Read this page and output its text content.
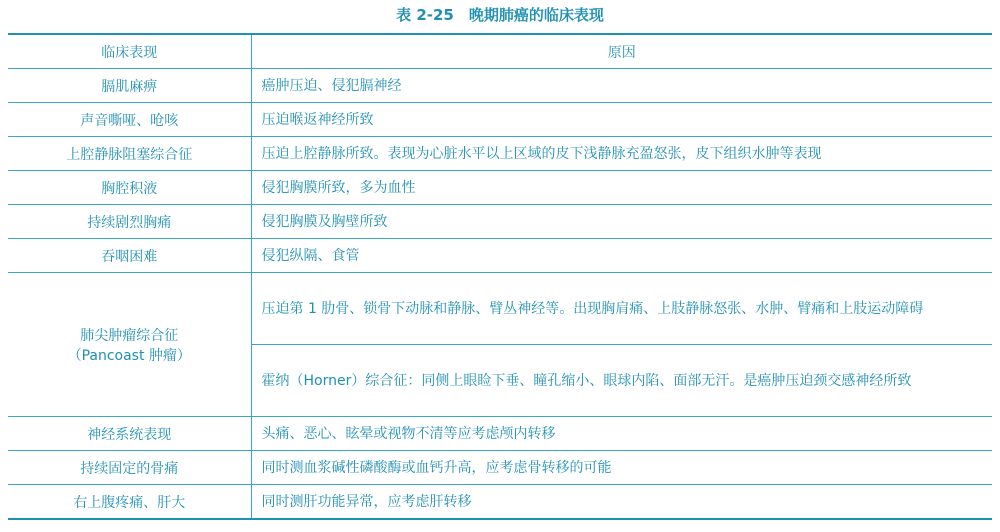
表 2-25　晚期肺癌的临床表现
临床表现	原因
膈肌麻痹	癌肿压迫、侵犯膈神经
声音嘶哑、呛咳	压迫喉返神经所致
上腔静脉阻塞综合征	压迫上腔静脉所致。表现为心脏水平以上区域的皮下浅静脉充盈怒张，皮下组织水肿等表现
胸腔积液	侵犯胸膜所致，多为血性
持续剧烈胸痛	侵犯胸膜及胸壁所致
吞咽困难	侵犯纵隔、食管

肺尖肿瘤综合征
（Pancoast 肿瘤）	压迫第 1 肋骨、锁骨下动脉和静脉、臂丛神经等。出现胸肩痛、上肢静脉怒张、水肿、臂痛和上肢运动障碍
	霍纳（Horner）综合征：同侧上眼睑下垂、瞳孔缩小、眼球内陷、面部无汗。是癌肿压迫颈交感神经所致
神经系统表现	头痛、恶心、眩晕或视物不清等应考虑颅内转移
持续固定的骨痛	同时测血浆碱性磷酸酶或血钙升高，应考虑骨转移的可能
右上腹疼痛、肝大	同时测肝功能异常，应考虑肝转移
